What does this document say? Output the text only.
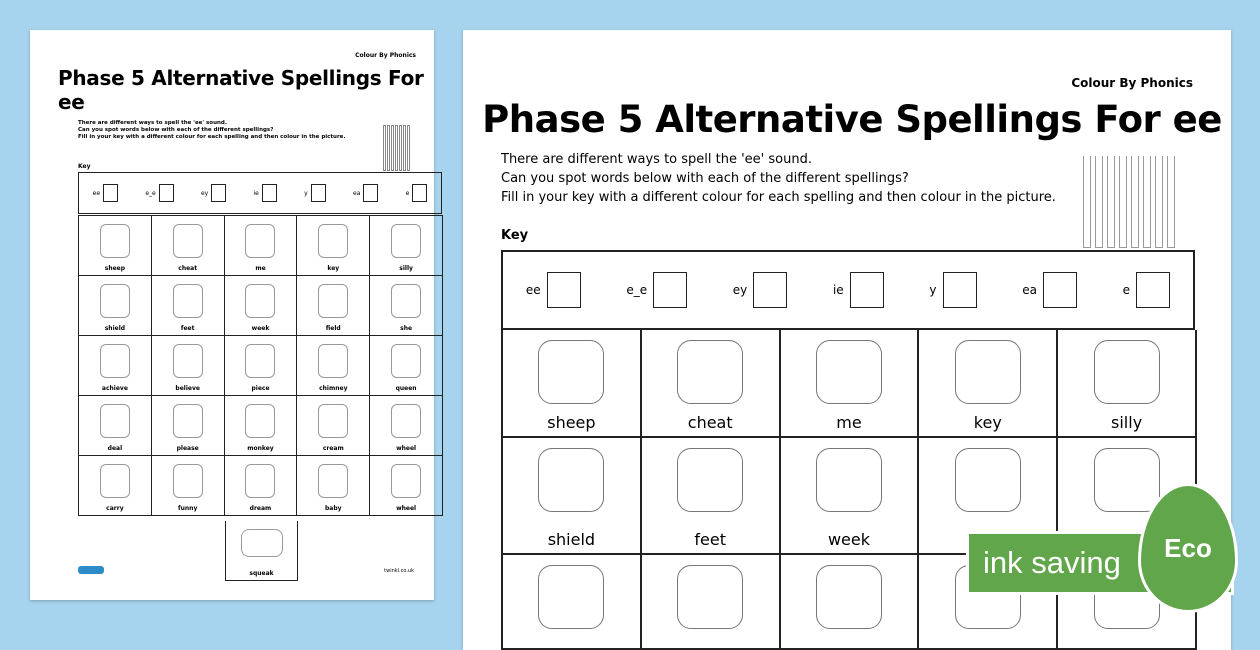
Colour By Phonics
Phase 5 Alternative Spellings For ee
There are different ways to spell the 'ee' sound.
Can you spot words below with each of the different spellings?
Fill in your key with a different colour for each spelling and then colour in the picture.
Key
ee	e_e	ey	ie	y	ea	e
sheep	cheat	me	key	silly
shield	feet	week	field	she
achieve	believe	piece	chimney	queen
deal	please	monkey	cream	wheel
carry	funny	dream	baby	wheel
squeak	twinkl.co.uk
Colour By Phonics
Phase 5 Alternative Spellings For ee
There are different ways to spell the 'ee' sound.
Can you spot words below with each of the different spellings?
Fill in your key with a different colour for each spelling and then colour in the picture.
Key
ee	e_e	ey	ie	y	ea	e
sheep	cheat	me	key	silly
shield	feet	week
ink saving Eco
